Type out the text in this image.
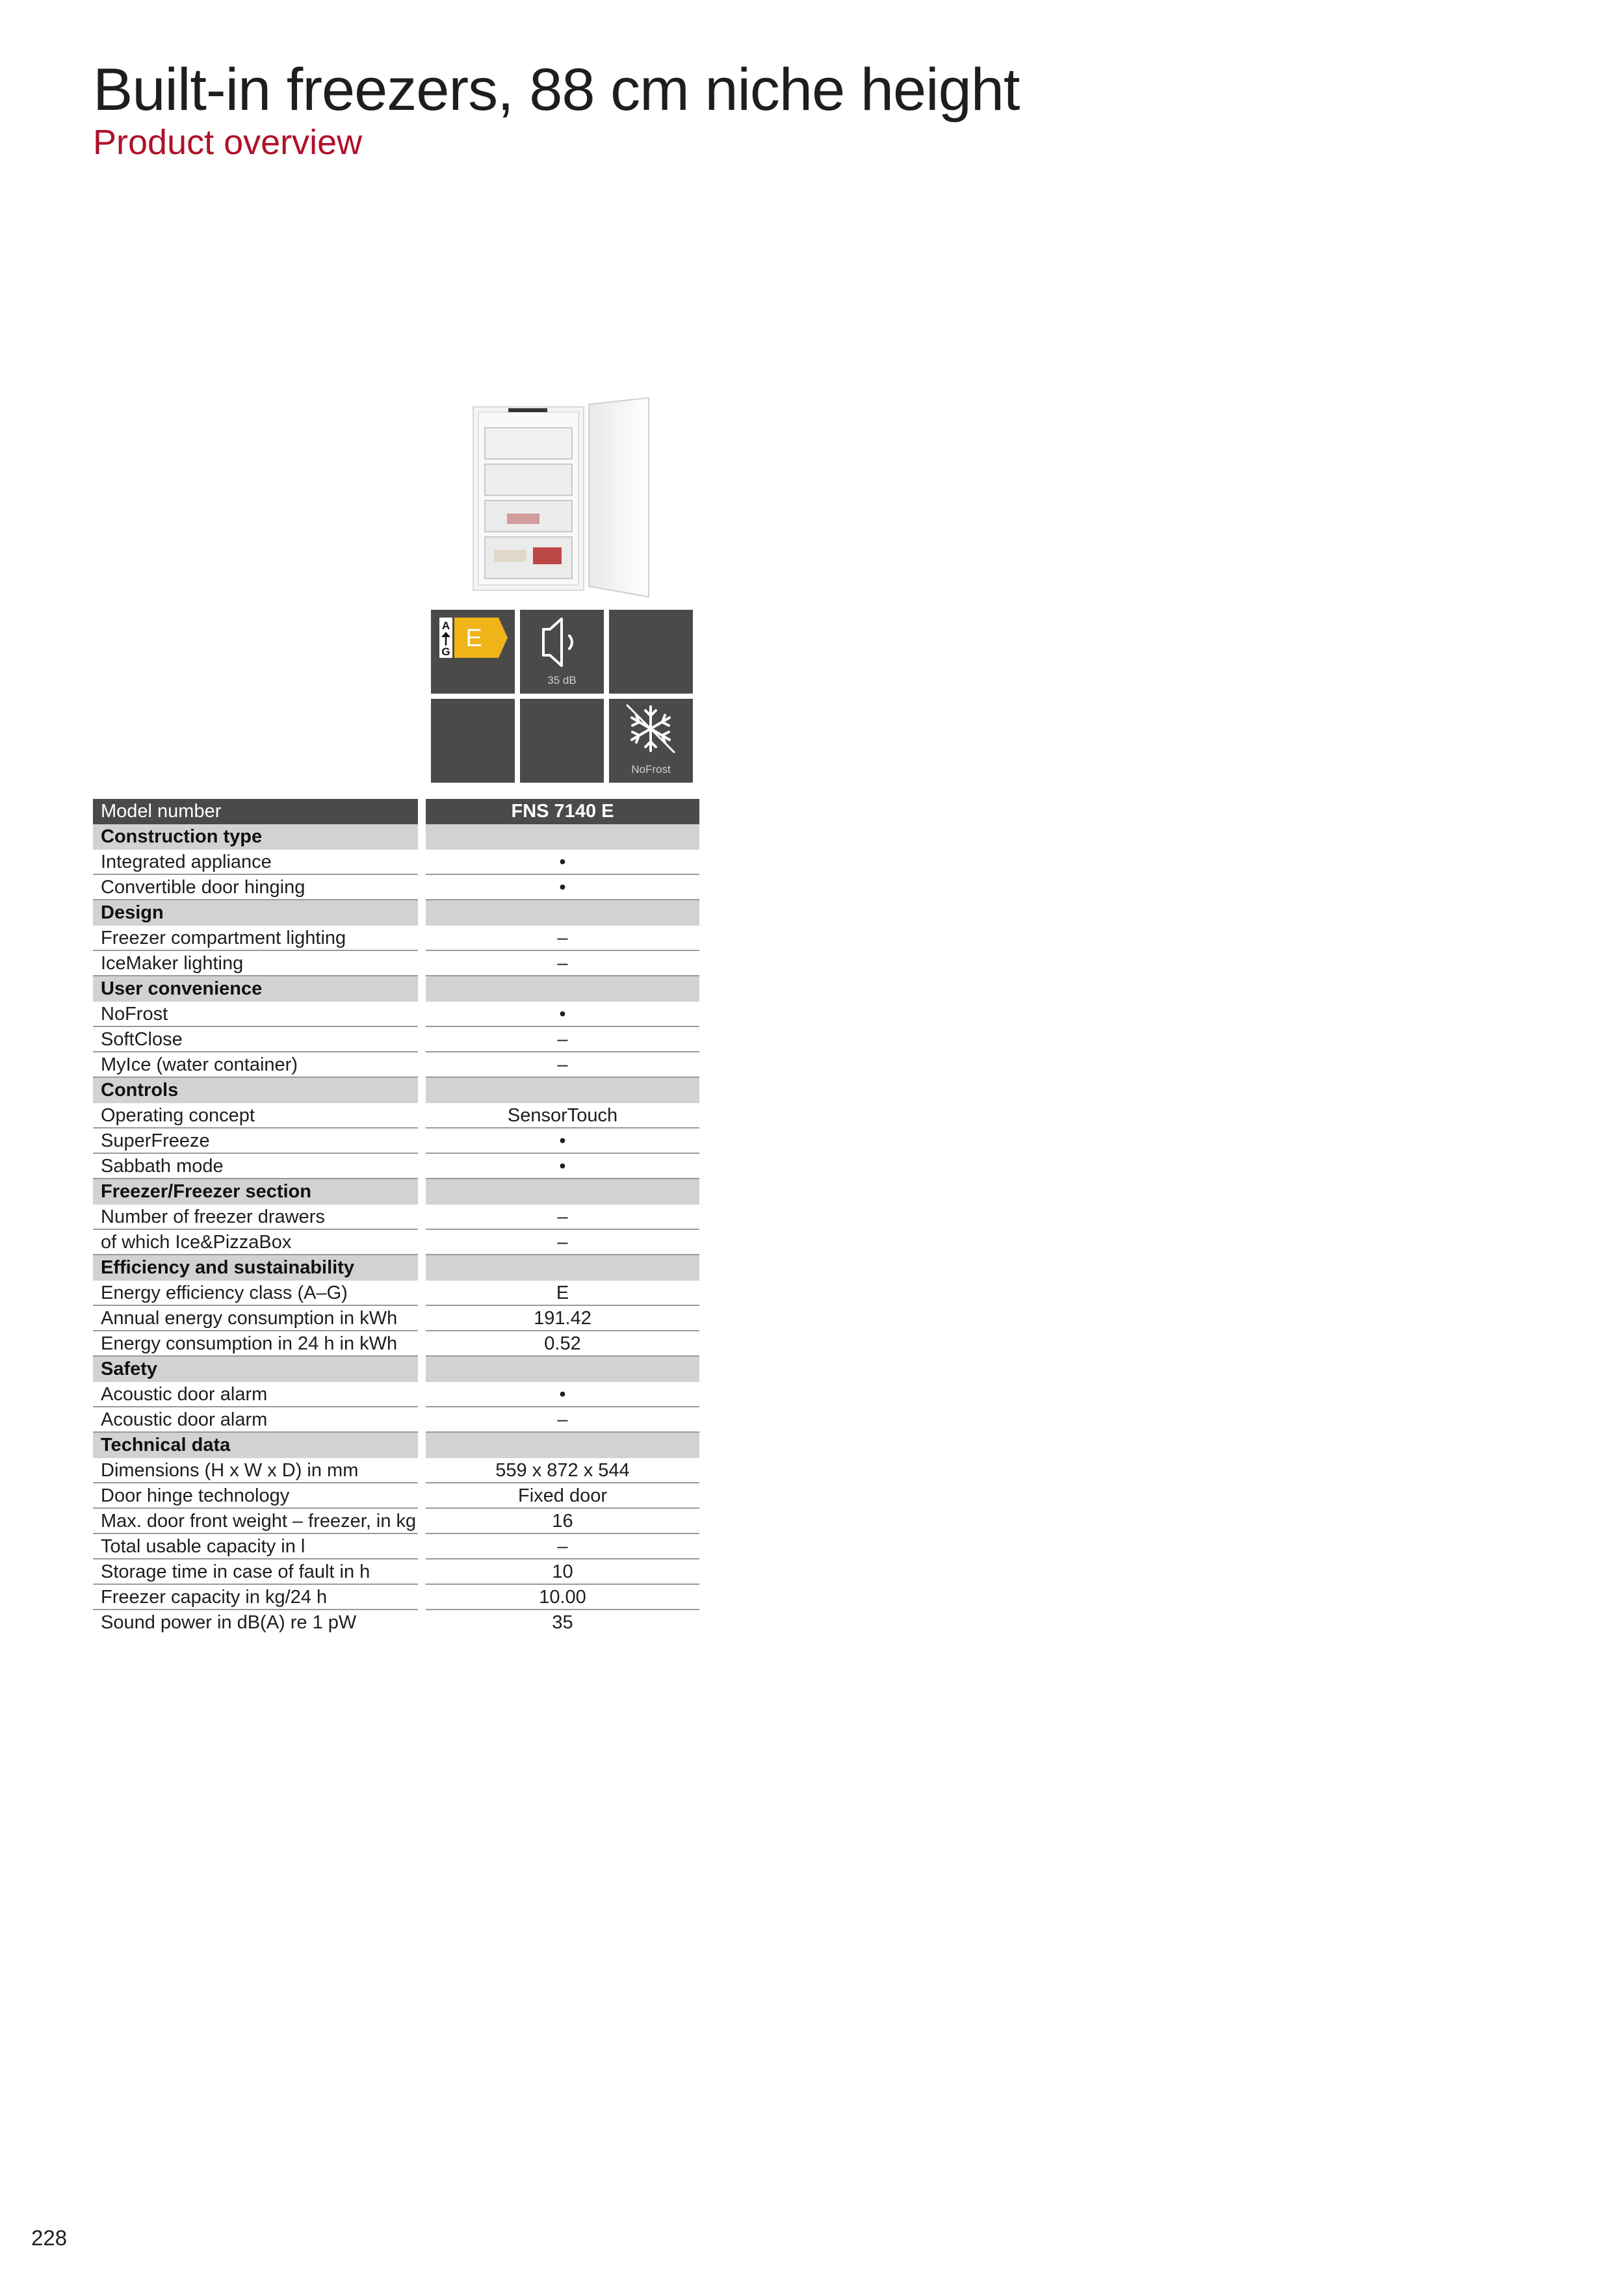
Built-in freezers, 88 cm niche height
Product overview
A
G E
35 dB
NoFrost
Model number	FNS 7140 E
Construction type
Integrated appliance	•
Convertible door hinging	•
Design
Freezer compartment lighting	–
IceMaker lighting	–
User convenience
NoFrost	•
SoftClose	–
MyIce (water container)	–
Controls
Operating concept	SensorTouch
SuperFreeze	•
Sabbath mode	•
Freezer/Freezer section
Number of freezer drawers	–
of which Ice&PizzaBox	–
Efficiency and sustainability
Energy efficiency class (A–G)	E
Annual energy consumption in kWh	191.42
Energy consumption in 24 h in kWh	0.52
Safety
Acoustic door alarm	•
Acoustic door alarm	–
Technical data
Dimensions (H x W x D) in mm	559 x 872 x 544
Door hinge technology	Fixed door
Max. door front weight – freezer, in kg	16
Total usable capacity in l	–
Storage time in case of fault in h	10
Freezer capacity in kg/24 h	10.00
Sound power in dB(A) re 1 pW	35
228
